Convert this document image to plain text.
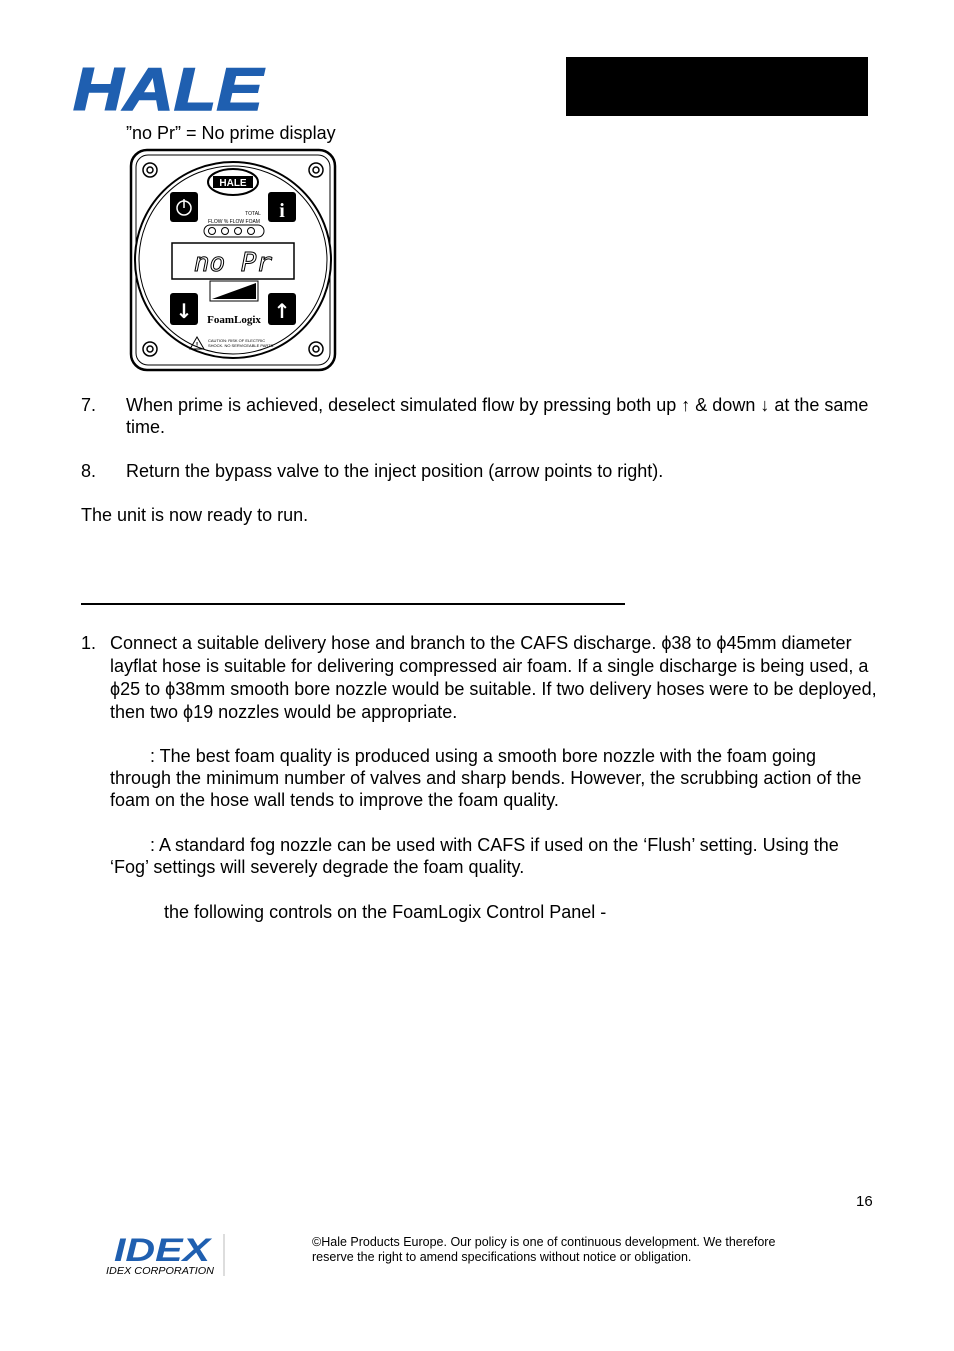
HALE
”no Pr” = No prime display
HALE
i
TOTAL
FLOW % FLOW FOAM
no Pr
↓	↑
FoamLogix
!
CAUTION: RISK OF ELECTRIC
SHOCK. NO SERVICEABLE PARTS.
7. When prime is achieved, deselect simulated flow by pressing both up ↑ & down ↓ at the same time.
8. Return the bypass valve to the inject position (arrow points to right).
The unit is now ready to run.
1. Connect a suitable delivery hose and branch to the CAFS discharge. ϕ38 to ϕ45mm diameter layflat hose is suitable for delivering compressed air foam. If a single discharge is being used, a ϕ25 to ϕ38mm smooth bore nozzle would be suitable. If two delivery hoses were to be deployed, then two ϕ19 nozzles would be appropriate.
: The best foam quality is produced using a smooth bore nozzle with the foam going through the minimum number of valves and sharp bends. However, the scrubbing action of the foam on the hose wall tends to improve the foam quality.
: A standard fog nozzle can be used with CAFS if used on the ‘Flush’ setting. Using the ‘Fog’ settings will severely degrade the foam quality.
the following controls on the FoamLogix Control Panel -
16
IDEX
IDEX CORPORATION
©Hale Products Europe. Our policy is one of continuous development. We therefore
reserve the right to amend specifications without notice or obligation.
